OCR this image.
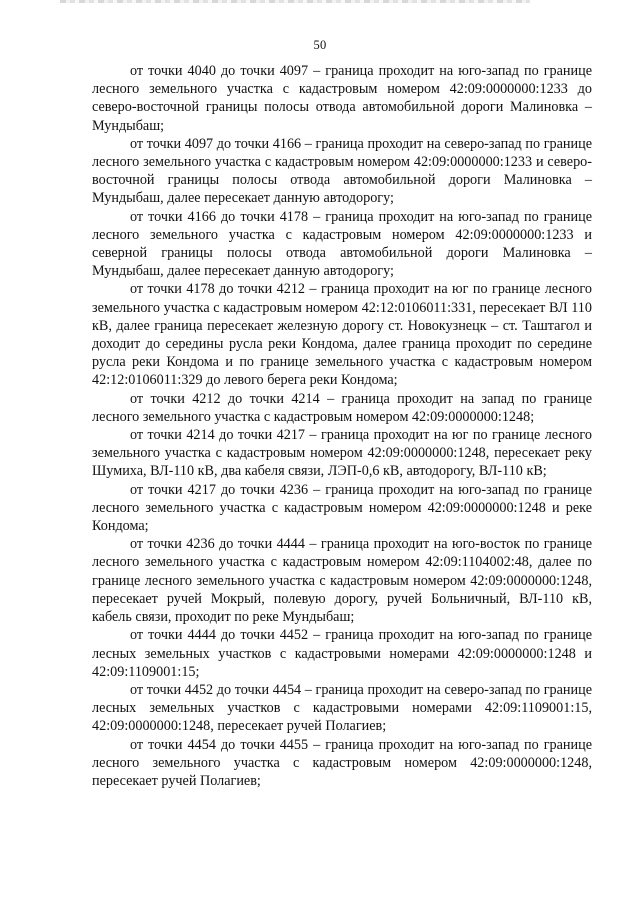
50

от точки 4040 до точки 4097 – граница проходит на юго-запад по границе лесного земельного участка с кадастровым номером 42:09:0000000:1233 до северо-восточной границы полосы отвода автомобильной дороги Малиновка – Мундыбаш;

от точки 4097 до точки 4166 – граница проходит на северо-запад по границе лесного земельного участка с кадастровым номером 42:09:0000000:1233 и северо-восточной границы полосы отвода автомобильной дороги Малиновка – Мундыбаш, далее пересекает данную автодорогу;

от точки 4166 до точки 4178 – граница проходит на юго-запад по границе лесного земельного участка с кадастровым номером 42:09:0000000:1233 и северной границы полосы отвода автомобильной дороги Малиновка – Мундыбаш, далее пересекает данную автодорогу;

от точки 4178 до точки 4212 – граница проходит на юг по границе лесного земельного участка с кадастровым номером 42:12:0106011:331, пересекает ВЛ 110 кВ, далее граница пересекает железную дорогу ст. Новокузнецк – ст. Таштагол и доходит до середины русла реки Кондома, далее граница проходит по середине русла реки Кондома и по границе земельного участка с кадастровым номером 42:12:0106011:329 до левого берега реки Кондома;

от точки 4212 до точки 4214 – граница проходит на запад по границе лесного земельного участка с кадастровым номером 42:09:0000000:1248;

от точки 4214 до точки 4217 – граница проходит на юг по границе лесного земельного участка с кадастровым номером 42:09:0000000:1248, пересекает реку Шумиха, ВЛ-110 кВ, два кабеля связи, ЛЭП-0,6 кВ, автодорогу, ВЛ-110 кВ;

от точки 4217 до точки 4236 – граница проходит на юго-запад по границе лесного земельного участка с кадастровым номером 42:09:0000000:1248 и реке Кондома;

от точки 4236 до точки 4444 – граница проходит на юго-восток по границе лесного земельного участка с кадастровым номером 42:09:1104002:48, далее по границе лесного земельного участка с кадастровым номером 42:09:0000000:1248, пересекает ручей Мокрый, полевую дорогу, ручей Больничный, ВЛ-110 кВ, кабель связи, проходит по реке Мундыбаш;

от точки 4444 до точки 4452 – граница проходит на юго-запад по границе лесных земельных участков с кадастровыми номерами 42:09:0000000:1248 и 42:09:1109001:15;

от точки 4452 до точки 4454 – граница проходит на северо-запад по границе лесных земельных участков с кадастровыми номерами 42:09:1109001:15, 42:09:0000000:1248, пересекает ручей Полагиев;

от точки 4454 до точки 4455 – граница проходит на юго-запад по границе лесного земельного участка с кадастровым номером 42:09:0000000:1248, пересекает ручей Полагиев;
